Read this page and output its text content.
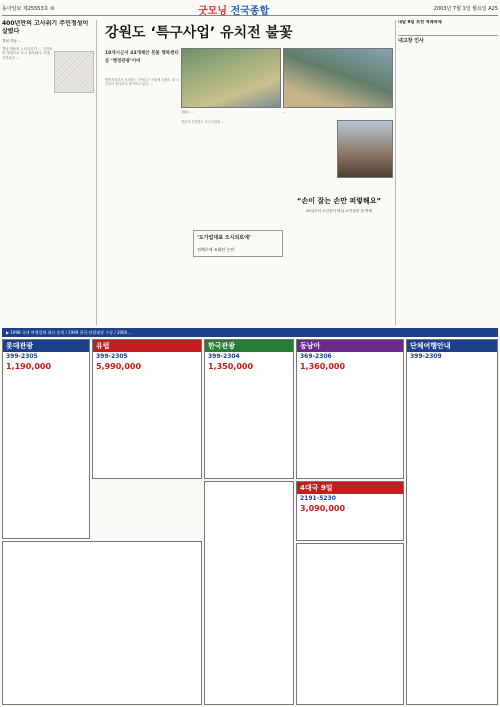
동아일보 제25553호 ⑩	굿모닝 전국종합	2003년 7월 1일 월요일 A25
400년만의 고사위기 주민정성이 살렸다
경남 하동 …

경남 하동의 느티나무가 … 주민들의 정성으로 다시 살아났다. 마을 주민들은 …

강원도 ‘특구사업’ 유치전 불꽃
18개시군서 43개제안 봇물 행복센터 등 ‘행정관광’이어
강원도 …	…
행정자치부가 지정하는 지역특구 사업에 강원도 내 시군들이 앞다투어 참여하고 있다. …
정부가 추진하는 특구사업에 …
“손이 잘는 손만 퍼렇해요”
20일부터 오산컨서 비닐-오이관련 첫 축제
‘도가업대표 오시되로에’
전례로에 조회안 논란
내달 9일 보전 적례축제

…

내고장 인사

…

▶ 1998 국내 여행업체 최다 송객 / 1999 한국 관광대상 수상 / 2000 …
롯데관광
399-2305
1,190,000
유럽
399-2305
5,990,000
한국관광
399-2304
1,350,000
동남아
369-2306
1,360,000
4대국 9일
2191-5230
3,090,000
단체여행안내
399-2309
